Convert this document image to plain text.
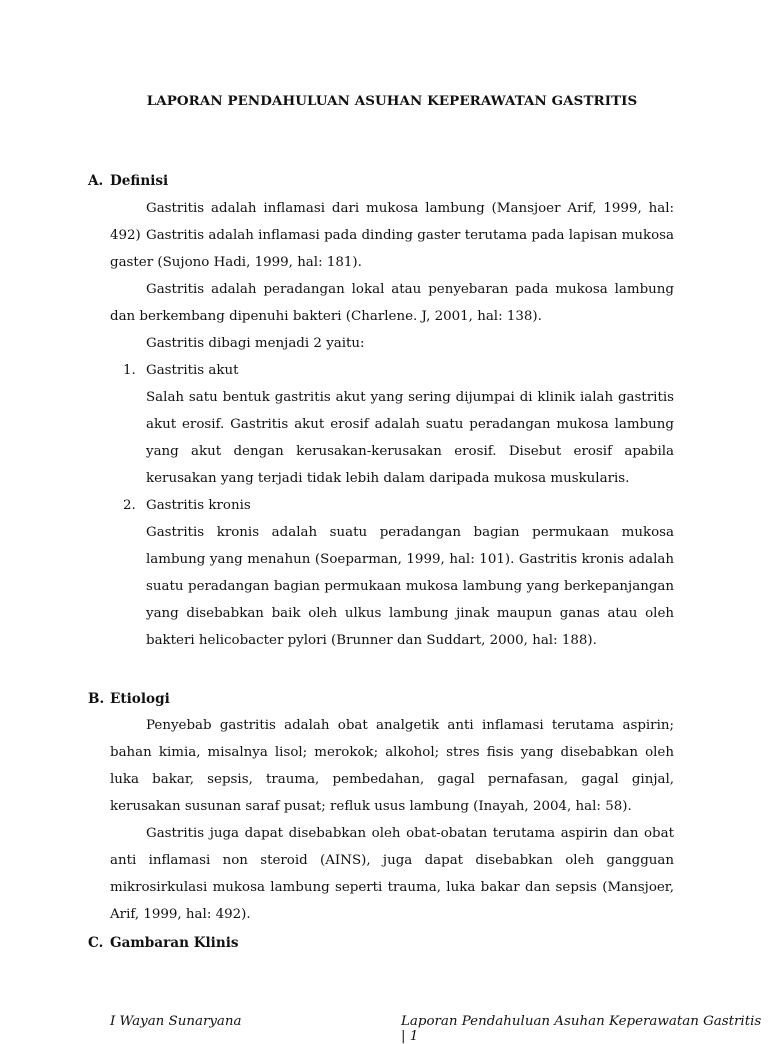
LAPORAN PENDAHULUAN ASUHAN KEPERAWATAN GASTRITIS
A. Definisi

Gastritis adalah inflamasi dari mukosa lambung (Mansjoer Arif, 1999, hal: 492) Gastritis adalah inflamasi pada dinding gaster terutama pada lapisan mukosa gaster (Sujono Hadi, 1999, hal: 181).

Gastritis adalah peradangan lokal atau penyebaran pada mukosa lambung dan berkembang dipenuhi bakteri (Charlene. J, 2001, hal: 138).

Gastritis dibagi menjadi 2 yaitu:

1. Gastritis akut

Salah satu bentuk gastritis akut yang sering dijumpai di klinik ialah gastritis akut erosif. Gastritis akut erosif adalah suatu peradangan mukosa lambung yang akut dengan kerusakan-kerusakan erosif. Disebut erosif apabila kerusakan yang terjadi tidak lebih dalam daripada mukosa muskularis.

2. Gastritis kronis

Gastritis kronis adalah suatu peradangan bagian permukaan mukosa lambung yang menahun (Soeparman, 1999, hal: 101). Gastritis kronis adalah suatu peradangan bagian permukaan mukosa lambung yang berkepanjangan yang disebabkan baik oleh ulkus lambung jinak maupun ganas atau oleh bakteri helicobacter pylori (Brunner dan Suddart, 2000, hal: 188).

B. Etiologi

Penyebab gastritis adalah obat analgetik anti inflamasi terutama aspirin; bahan kimia, misalnya lisol; merokok; alkohol; stres fisis yang disebabkan oleh luka bakar, sepsis, trauma, pembedahan, gagal pernafasan, gagal ginjal, kerusakan susunan saraf pusat; refluk usus lambung (Inayah, 2004, hal: 58).

Gastritis juga dapat disebabkan oleh obat-obatan terutama aspirin dan obat anti inflamasi non steroid (AINS), juga dapat disebabkan oleh gangguan mikrosirkulasi mukosa lambung seperti trauma, luka bakar dan sepsis (Mansjoer, Arif, 1999, hal: 492).

C. Gambaran Klinis
I Wayan Sunaryana	Laporan Pendahuluan Asuhan Keperawatan Gastritis | 1
